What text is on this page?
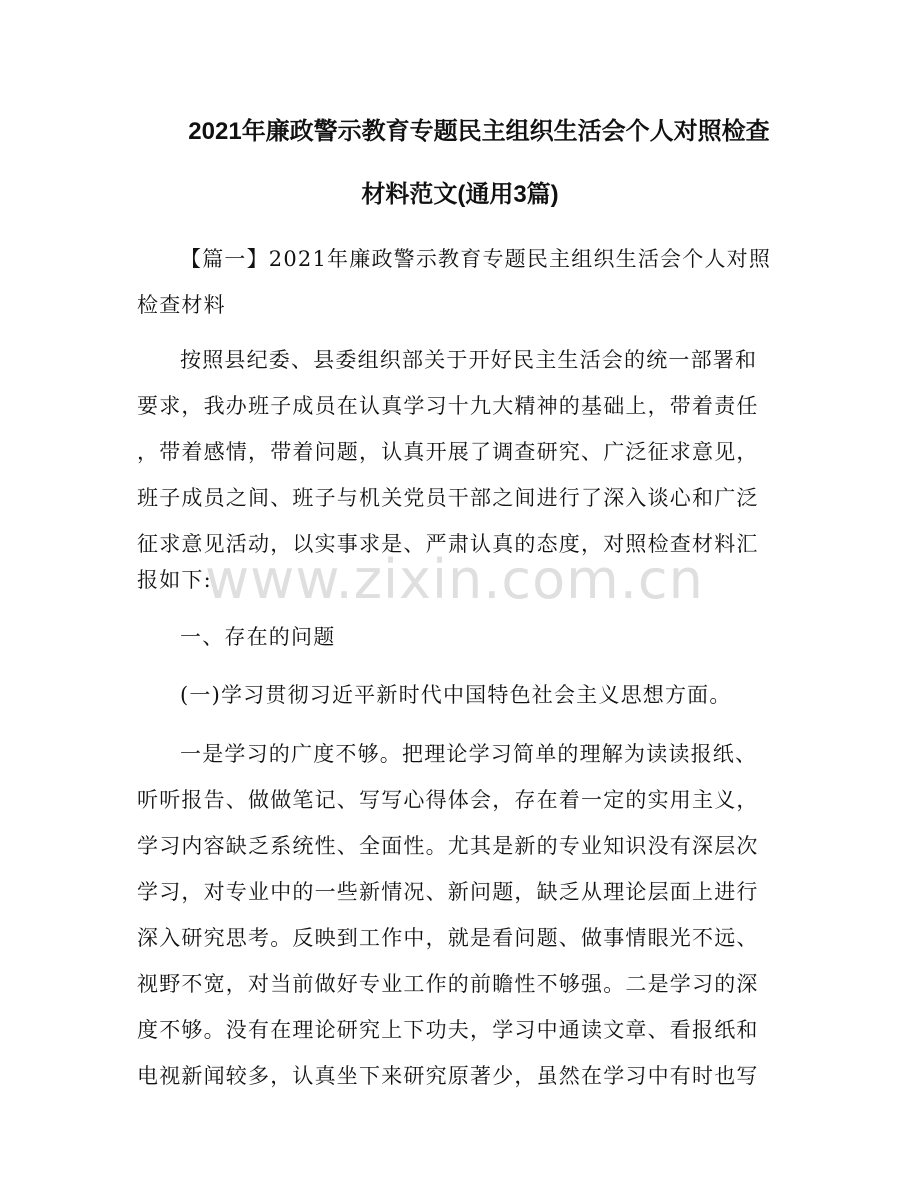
2021年廉政警示教育专题民主组织生活会个人对照检查
材料范文(通用3篇)

【篇一】2021年廉政警示教育专题民主组织生活会个人对照

检查材料

按照县纪委、县委组织部关于开好民主生活会的统一部署和

要求，我办班子成员在认真学习十九大精神的基础上，带着责任

，带着感情，带着问题，认真开展了调查研究、广泛征求意见，

班子成员之间、班子与机关党员干部之间进行了深入谈心和广泛

征求意见活动，以实事求是、严肃认真的态度，对照检查材料汇

报如下:

一、存在的问题

(一)学习贯彻习近平新时代中国特色社会主义思想方面。

一是学习的广度不够。把理论学习简单的理解为读读报纸、

听听报告、做做笔记、写写心得体会，存在着一定的实用主义，

学习内容缺乏系统性、全面性。尤其是新的专业知识没有深层次

学习，对专业中的一些新情况、新问题，缺乏从理论层面上进行

深入研究思考。反映到工作中，就是看问题、做事情眼光不远、

视野不宽，对当前做好专业工作的前瞻性不够强。二是学习的深

度不够。没有在理论研究上下功夫，学习中通读文章、看报纸和

电视新闻较多，认真坐下来研究原著少，虽然在学习中有时也写

www.zixin.com.cn
